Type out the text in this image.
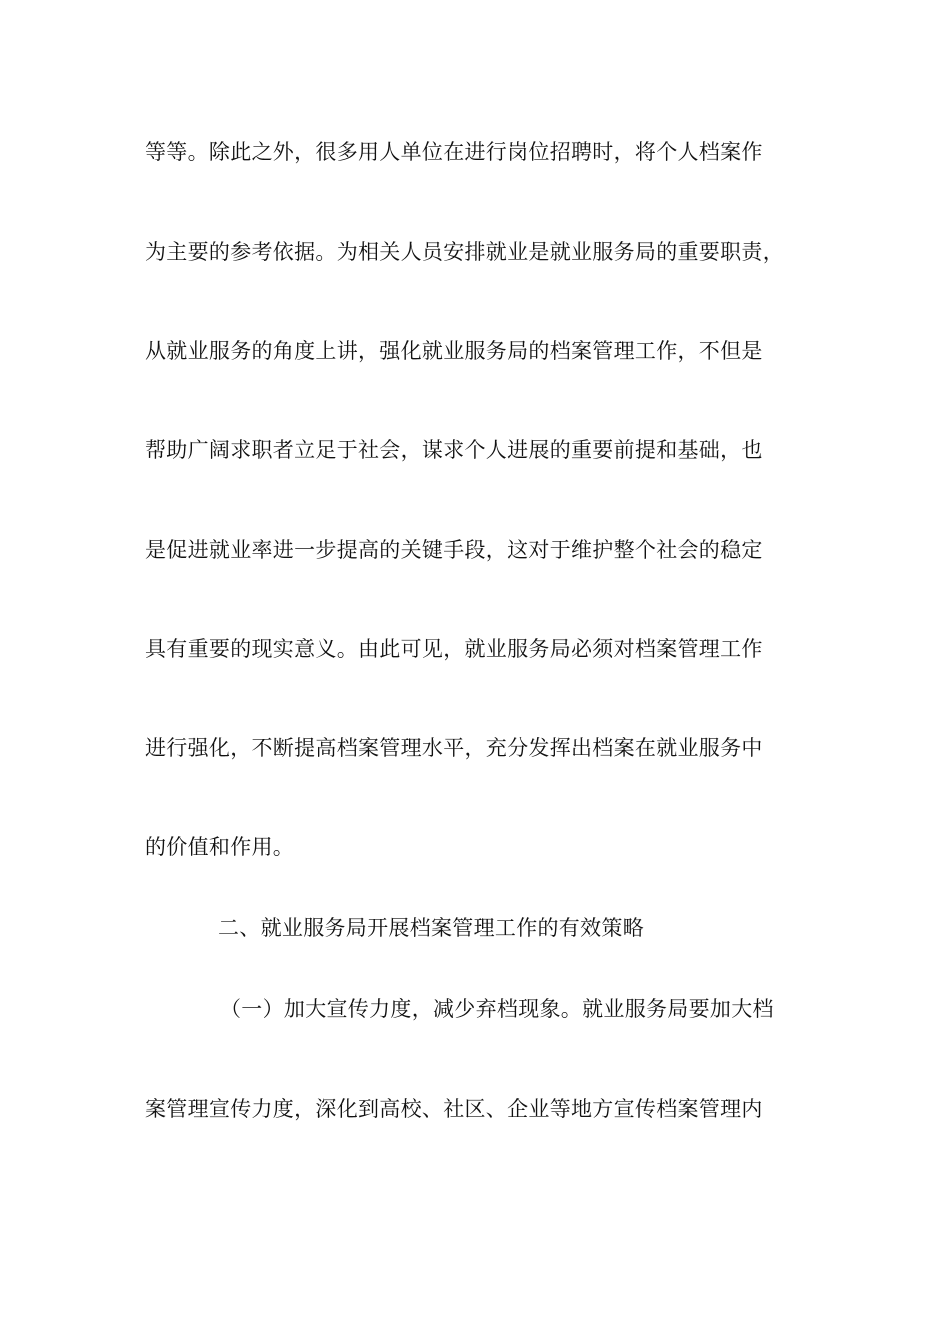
等等。除此之外，很多用人单位在进行岗位招聘时，将个人档案作
为主要的参考依据。为相关人员安排就业是就业服务局的重要职责，
从就业服务的角度上讲，强化就业服务局的档案管理工作，不但是
帮助广阔求职者立足于社会，谋求个人进展的重要前提和基础，也
是促进就业率进一步提高的关键手段，这对于维护整个社会的稳定
具有重要的现实意义。由此可见，就业服务局必须对档案管理工作
进行强化，不断提高档案管理水平，充分发挥出档案在就业服务中
的价值和作用。
二、就业服务局开展档案管理工作的有效策略
（一）加大宣传力度，减少弃档现象。就业服务局要加大档
案管理宣传力度，深化到高校、社区、企业等地方宣传档案管理内
